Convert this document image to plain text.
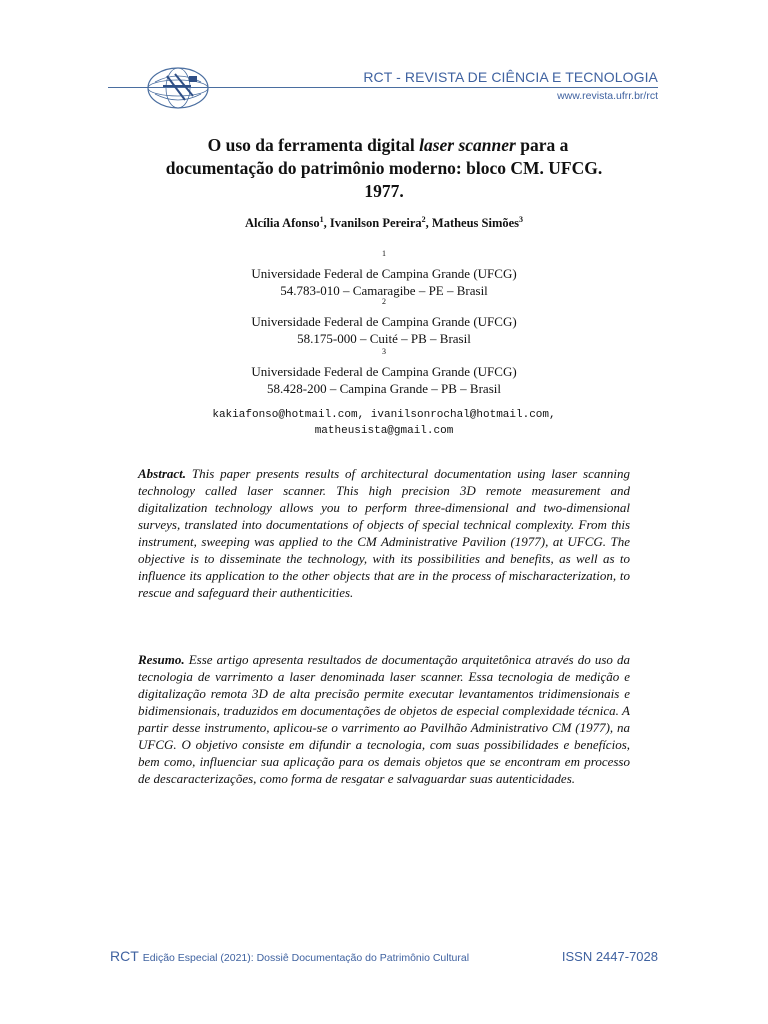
RCT - REVISTA DE CIÊNCIA E TECNOLOGIA
www.revista.ufrr.br/rct
O uso da ferramenta digital laser scanner para a
documentação do patrimônio moderno: bloco CM. UFCG.
1977.
Alcília Afonso$^1$, Ivanilson Pereira$^2$, Matheus Simões$^3$
$^1$
Universidade Federal de Campina Grande (UFCG)
54.783-010 – Camaragibe – PE – Brasil
$^2$
Universidade Federal de Campina Grande (UFCG)
58.175-000 – Cuité – PB – Brasil
$^3$
Universidade Federal de Campina Grande (UFCG)
58.428-200 – Campina Grande – PB – Brasil
kakiafonso@hotmail.com, ivanilsonrochal@hotmail.com,
matheusista@gmail.com
Abstract. This paper presents results of architectural documentation using laser scanning technology called laser scanner. This high precision 3D remote measurement and digitalization technology allows you to perform three-dimensional and two-dimensional surveys, translated into documentations of objects of special technical complexity. From this instrument, sweeping was applied to the CM Administrative Pavilion (1977), at UFCG. The objective is to disseminate the technology, with its possibilities and benefits, as well as to influence its application to the other objects that are in the process of mischaracterization, to rescue and safeguard their authenticities.
Resumo. Esse artigo apresenta resultados de documentação arquitetônica através do uso da tecnologia de varrimento a laser denominada laser scanner. Essa tecnologia de medição e digitalização remota 3D de alta precisão permite executar levantamentos tridimensionais e bidimensionais, traduzidos em documentações de objetos de especial complexidade técnica. A partir desse instrumento, aplicou-se o varrimento ao Pavilhão Administrativo CM (1977), na UFCG. O objetivo consiste em difundir a tecnologia, com suas possibilidades e benefícios, bem como, influenciar sua aplicação para os demais objetos que se encontram em processo de descaracterizações, como forma de resgatar e salvaguardar suas autenticidades.
RCT Edição Especial (2021): Dossiê Documentação do Patrimônio Cultural	ISSN 2447-7028
